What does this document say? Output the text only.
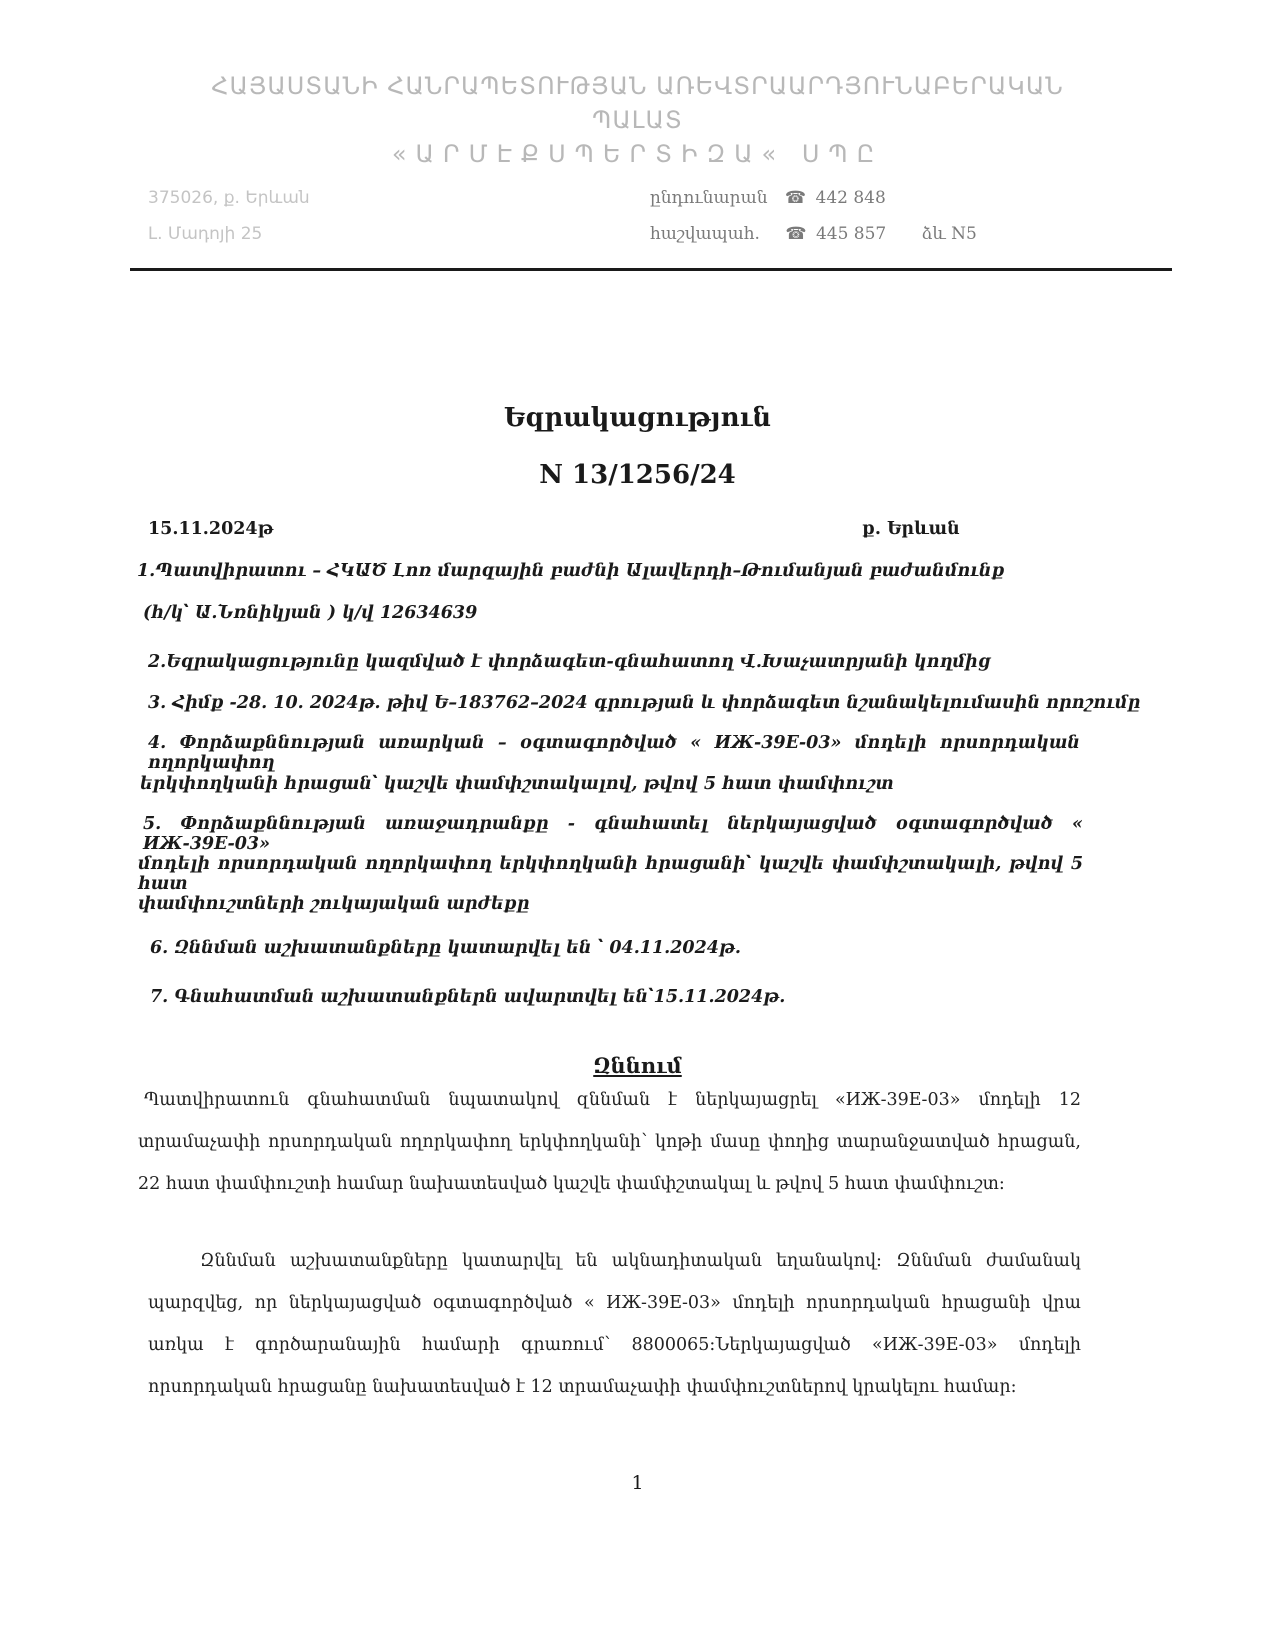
ՀԱՅԱՍՏԱՆԻ ՀԱՆՐԱՊԵՏՈՒԹՅԱՆ ԱՌԵՎՏՐԱԱՐԴՅՈՒՆԱԲԵՐԱԿԱՆ
ՊԱԼԱՏ
«ԱՐՄԷՔՍՊԵՐՏԻԶԱ« ՍՊԸ
375026, ք. Երևան
Լ. Մադոյի 25
ընդունարան ☎ 442 848
հաշվապահ. ☎ 445 857 ձև N5
Եզրակացություն
N 13/1256/24
15.11.2024թ	ք. Երևան
1.Պատվիրատու – ՀԿԱԾ Լոռ մարզային բաժնի Ալավերդի–Թումանյան բաժանմունք
(հ/կ՝ Ա.Նռնիկյան ) կ/վ 12634639
2.Եզրակացությունը կազմված է փորձագետ-գնահատող Վ.Խաչատրյանի կողմից
3. Հիմք -28. 10. 2024թ. թիվ Ե–183762–2024 գրության և փորձագետ նշանակելումասին որոշումը
4. Փորձաքննության առարկան – օգտագործված « ИЖ-39Е-03» մոդելի որսորդական ողորկափող
երկփողկանի հրացան՝ կաշվե փամփշտակալով, թվով 5 հատ փամփուշտ
5. Փորձաքննության առաջադրանքը - գնահատել ներկայացված օգտագործված « ИЖ-39Е-03»
մոդելի որսորդական ողորկափող երկփողկանի հրացանի՝ կաշվե փամփշտակալի, թվով 5 հատ
փամփուշտների շուկայական արժեքը
6. Զննման աշխատանքները կատարվել են ՝ 04.11.2024թ.
7. Գնահատման աշխատանքներն ավարտվել են՝15.11.2024թ.
Զննում
Պատվիրատուն գնահատման նպատակով զննման է ներկայացրել «ИЖ-39Е-03» մոդելի 12 տրամաչափի որսորդական ողորկափող երկփողկանի՝ կոթի մասը փողից տարանջատված հրացան, 22 հատ փամփուշտի համար նախատեսված կաշվե փամփշտակալ և թվով 5 հատ փամփուշտ:
Զննման աշխատանքները կատարվել են ակնադիտական եղանակով: Զննման ժամանակ պարզվեց, որ ներկայացված օգտագործված « ИЖ-39Е-03» մոդելի որսորդական հրացանի վրա առկա է գործարանային համարի գրառում՝ 8800065:Ներկայացված «ИЖ-39Е-03» մոդելի որսորդական հրացանը նախատեսված է 12 տրամաչափի փամփուշտներով կրակելու համար:
1
